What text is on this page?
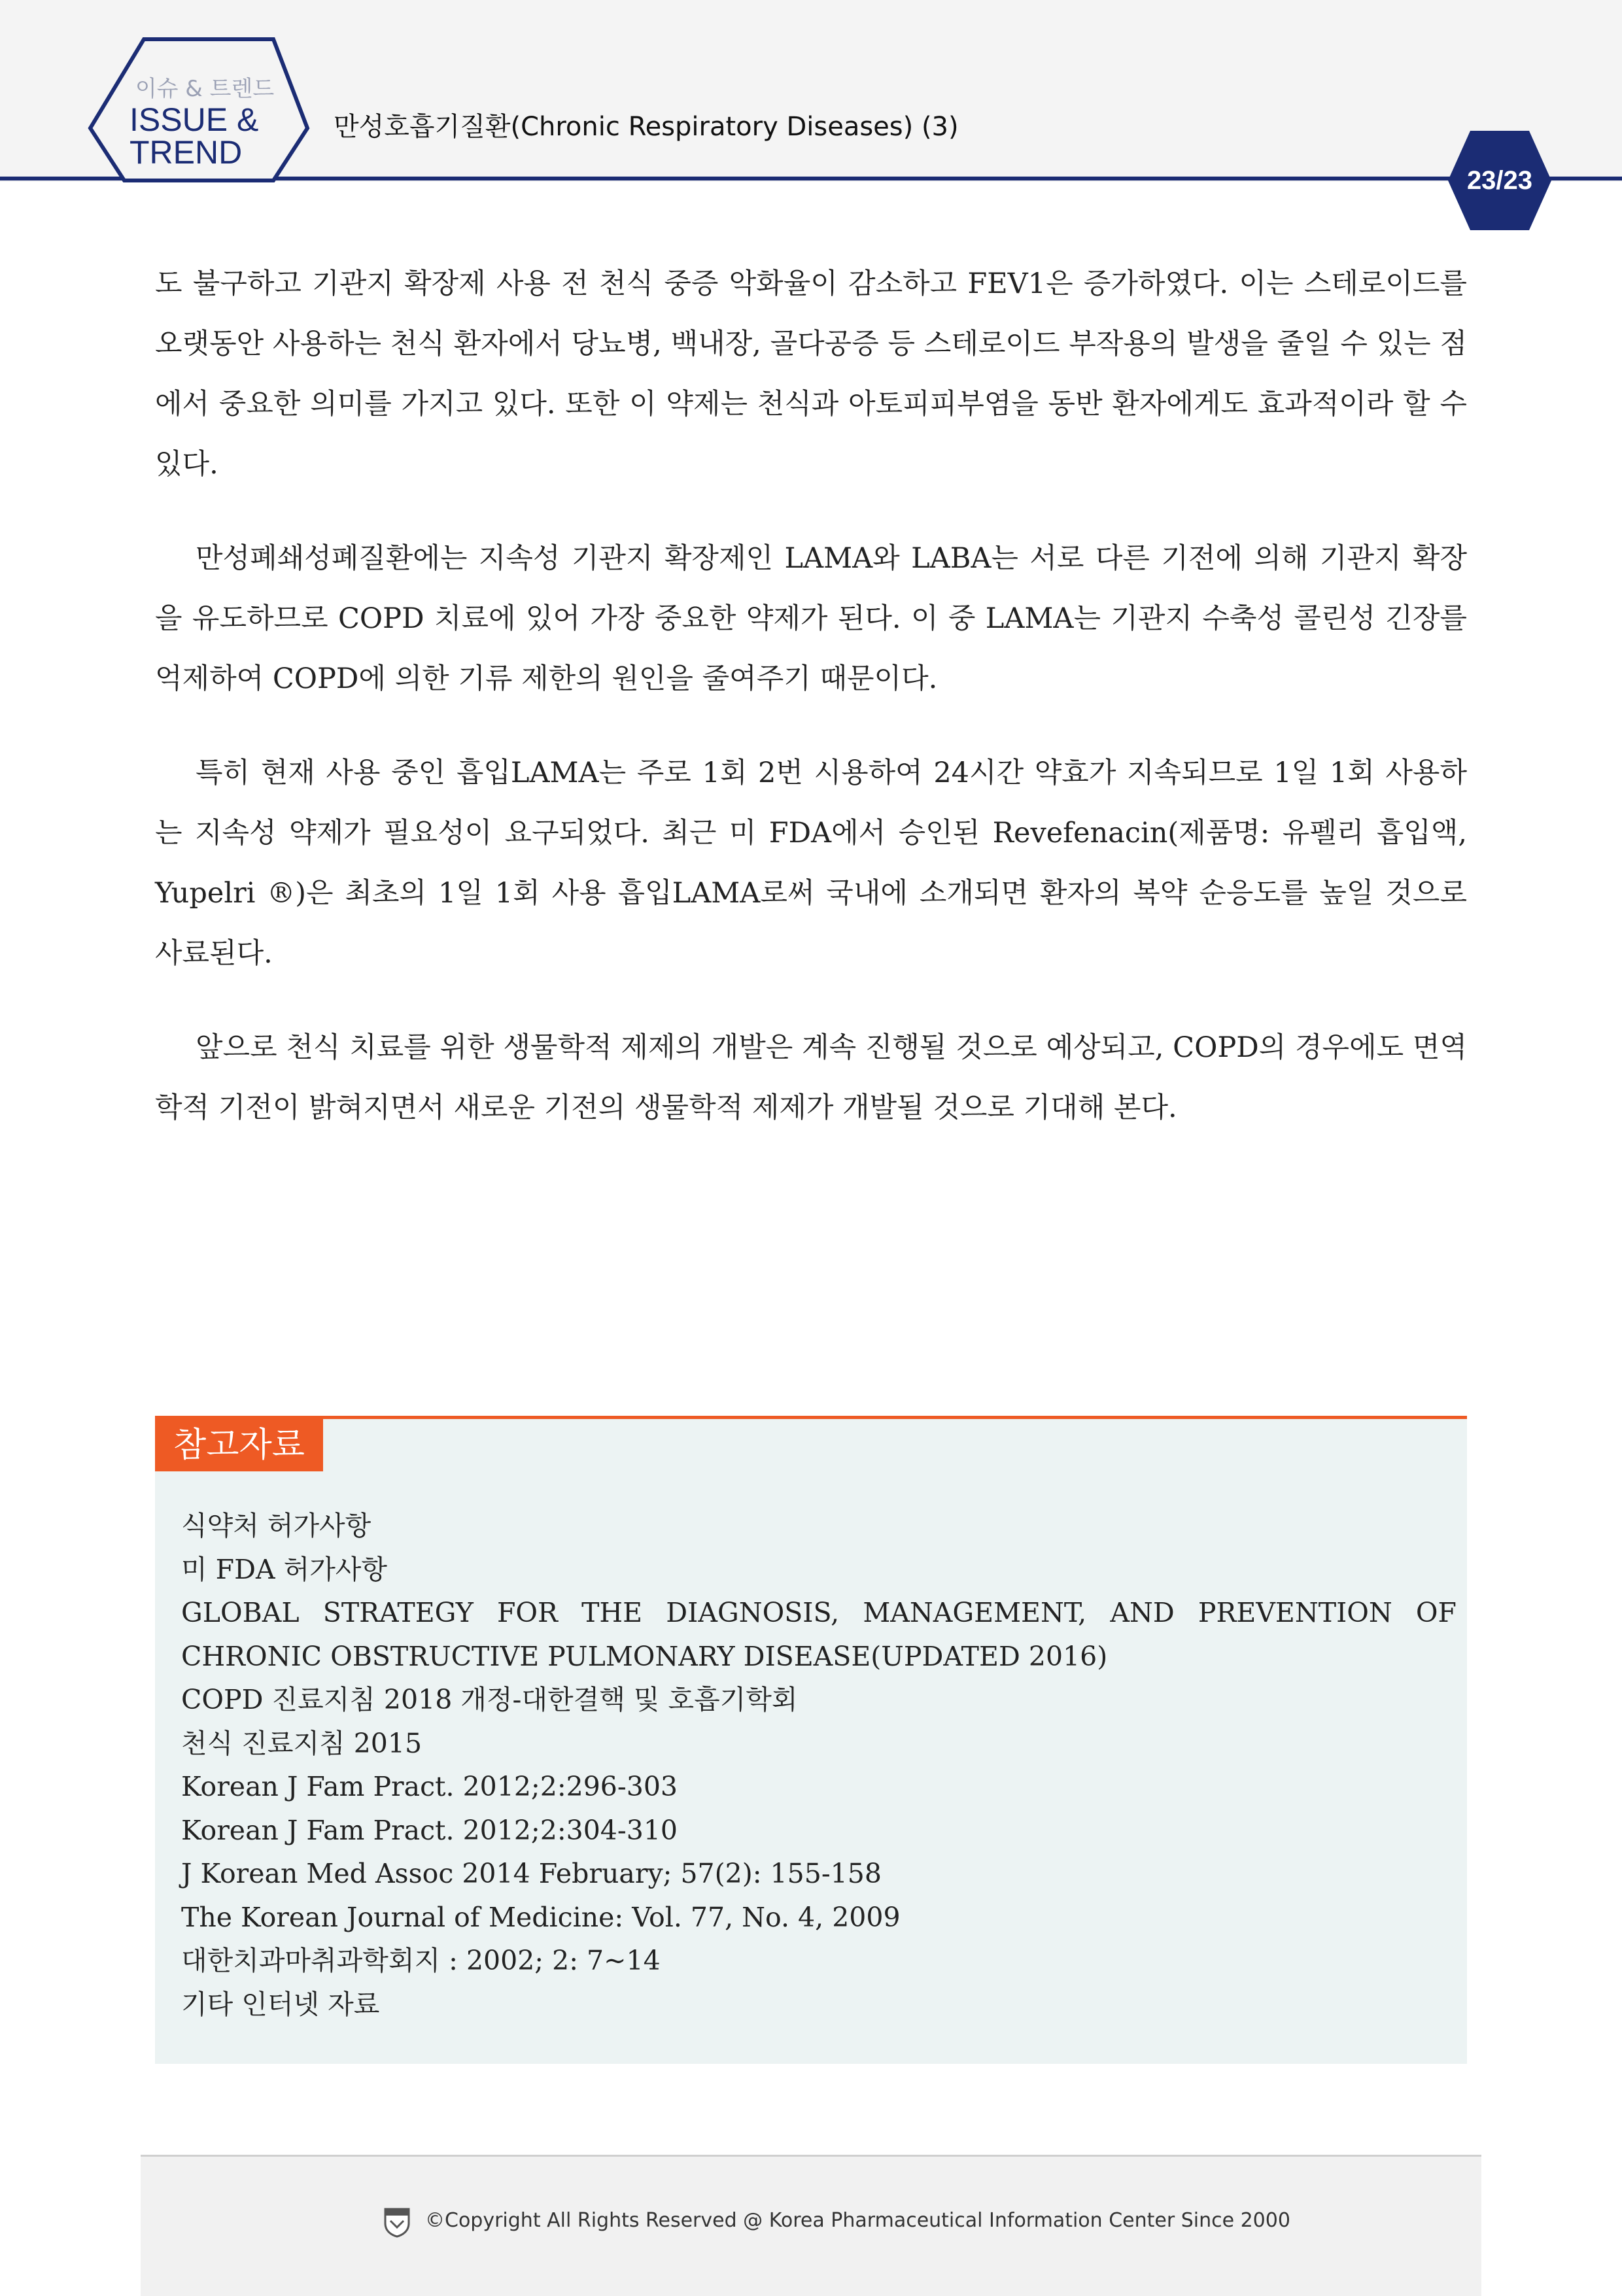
이슈 & 트렌드
ISSUE &
TREND
만성호흡기질환(Chronic Respiratory Diseases) (3)
23/23

도 불구하고 기관지 확장제 사용 전 천식 중증 악화율이 감소하고 FEV1은 증가하였다. 이는 스테로이드를 오랫동안 사용하는 천식 환자에서 당뇨병, 백내장, 골다공증 등 스테로이드 부작용의 발생을 줄일 수 있는 점에서 중요한 의미를 가지고 있다. 또한 이 약제는 천식과 아토피피부염을 동반 환자에게도 효과적이라 할 수 있다.

만성폐쇄성폐질환에는 지속성 기관지 확장제인 LAMA와 LABA는 서로 다른 기전에 의해 기관지 확장을 유도하므로 COPD 치료에 있어 가장 중요한 약제가 된다. 이 중 LAMA는 기관지 수축성 콜린성 긴장를 억제하여 COPD에 의한 기류 제한의 원인을 줄여주기 때문이다.

특히 현재 사용 중인 흡입LAMA는 주로 1회 2번 시용하여 24시간 약효가 지속되므로 1일 1회 사용하는 지속성 약제가 필요성이 요구되었다. 최근 미 FDA에서 승인된 Revefenacin(제품명: 유펠리 흡입액, Yupelri ®)은 최초의 1일 1회 사용 흡입LAMA로써 국내에 소개되면 환자의 복약 순응도를 높일 것으로 사료된다.

앞으로 천식 치료를 위한 생물학적 제제의 개발은 계속 진행될 것으로 예상되고, COPD의 경우에도 면역학적 기전이 밝혀지면서 새로운 기전의 생물학적 제제가 개발될 것으로 기대해 본다.

참고자료
식약처 허가사항
미 FDA 허가사항
GLOBAL STRATEGY FOR THE DIAGNOSIS, MANAGEMENT, AND PREVENTION OF
CHRONIC OBSTRUCTIVE PULMONARY DISEASE(UPDATED 2016)
COPD 진료지침 2018 개정-대한결핵 및 호흡기학회
천식 진료지침 2015
Korean J Fam Pract. 2012;2:296-303
Korean J Fam Pract. 2012;2:304-310
J Korean Med Assoc 2014 February; 57(2): 155-158
The Korean Journal of Medicine: Vol. 77, No. 4, 2009
대한치과마취과학회지 : 2002; 2: 7~14
기타 인터넷 자료
©Copyright All Rights Reserved @ Korea Pharmaceutical Information Center Since 2000
